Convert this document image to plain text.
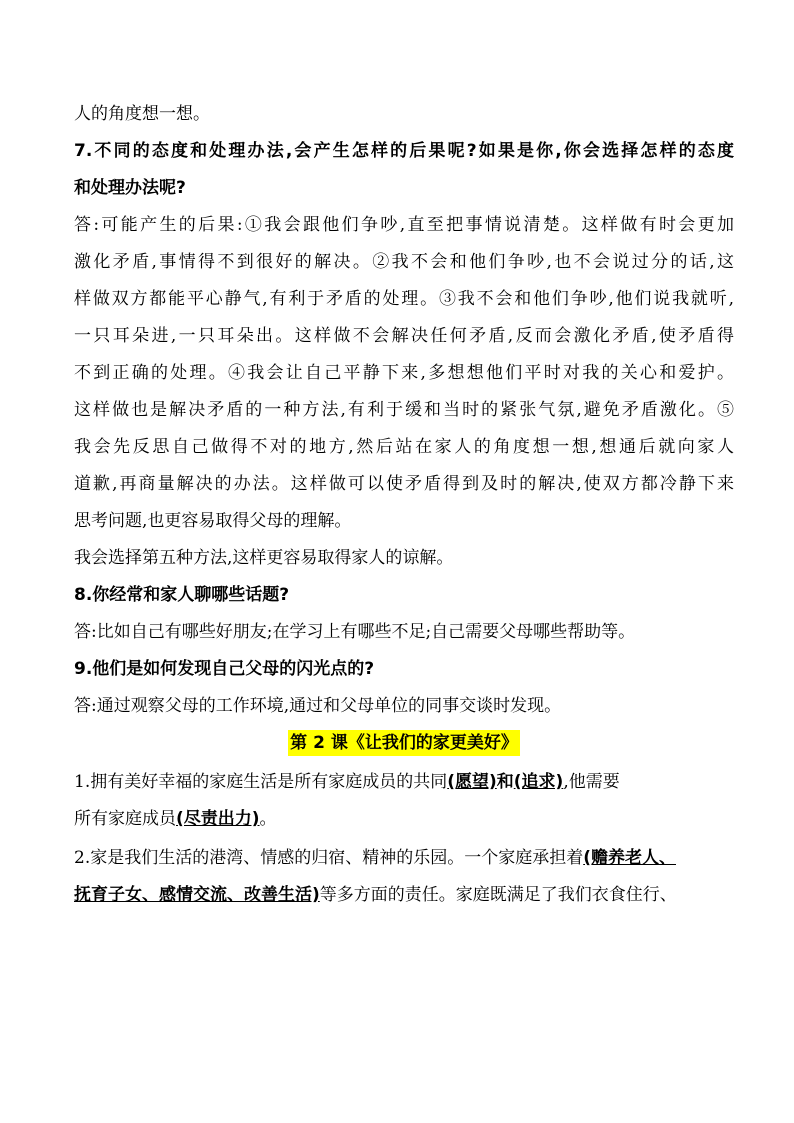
人的角度想一想。
7.不同的态度和处理办法,会产生怎样的后果呢?如果是你,你会选择怎样的态度
和处理办法呢?
答:可能产生的后果:①我会跟他们争吵,直至把事情说清楚。这样做有时会更加
激化矛盾,事情得不到很好的解决。②我不会和他们争吵,也不会说过分的话,这
样做双方都能平心静气,有利于矛盾的处理。③我不会和他们争吵,他们说我就听,
一只耳朵进,一只耳朵出。这样做不会解决任何矛盾,反而会激化矛盾,使矛盾得
不到正确的处理。④我会让自己平静下来,多想想他们平时对我的关心和爱护。
这样做也是解决矛盾的一种方法,有利于缓和当时的紧张气氛,避免矛盾激化。⑤
我会先反思自己做得不对的地方,然后站在家人的角度想一想,想通后就向家人
道歉,再商量解决的办法。这样做可以使矛盾得到及时的解决,使双方都冷静下来
思考问题,也更容易取得父母的理解。
我会选择第五种方法,这样更容易取得家人的谅解。
8.你经常和家人聊哪些话题?
答:比如自己有哪些好朋友;在学习上有哪些不足;自己需要父母哪些帮助等。
9.他们是如何发现自己父母的闪光点的?
答:通过观察父母的工作环境,通过和父母单位的同事交谈时发现。
第 2 课《让我们的家更美好》
1.拥有美好幸福的家庭生活是所有家庭成员的共同(愿望)和(追求),他需要
所有家庭成员(尽责出力)。
2.家是我们生活的港湾、情感的归宿、精神的乐园。一个家庭承担着(赡养老人、
抚育子女、感情交流、改善生活)等多方面的责任。家庭既满足了我们衣食住行、
